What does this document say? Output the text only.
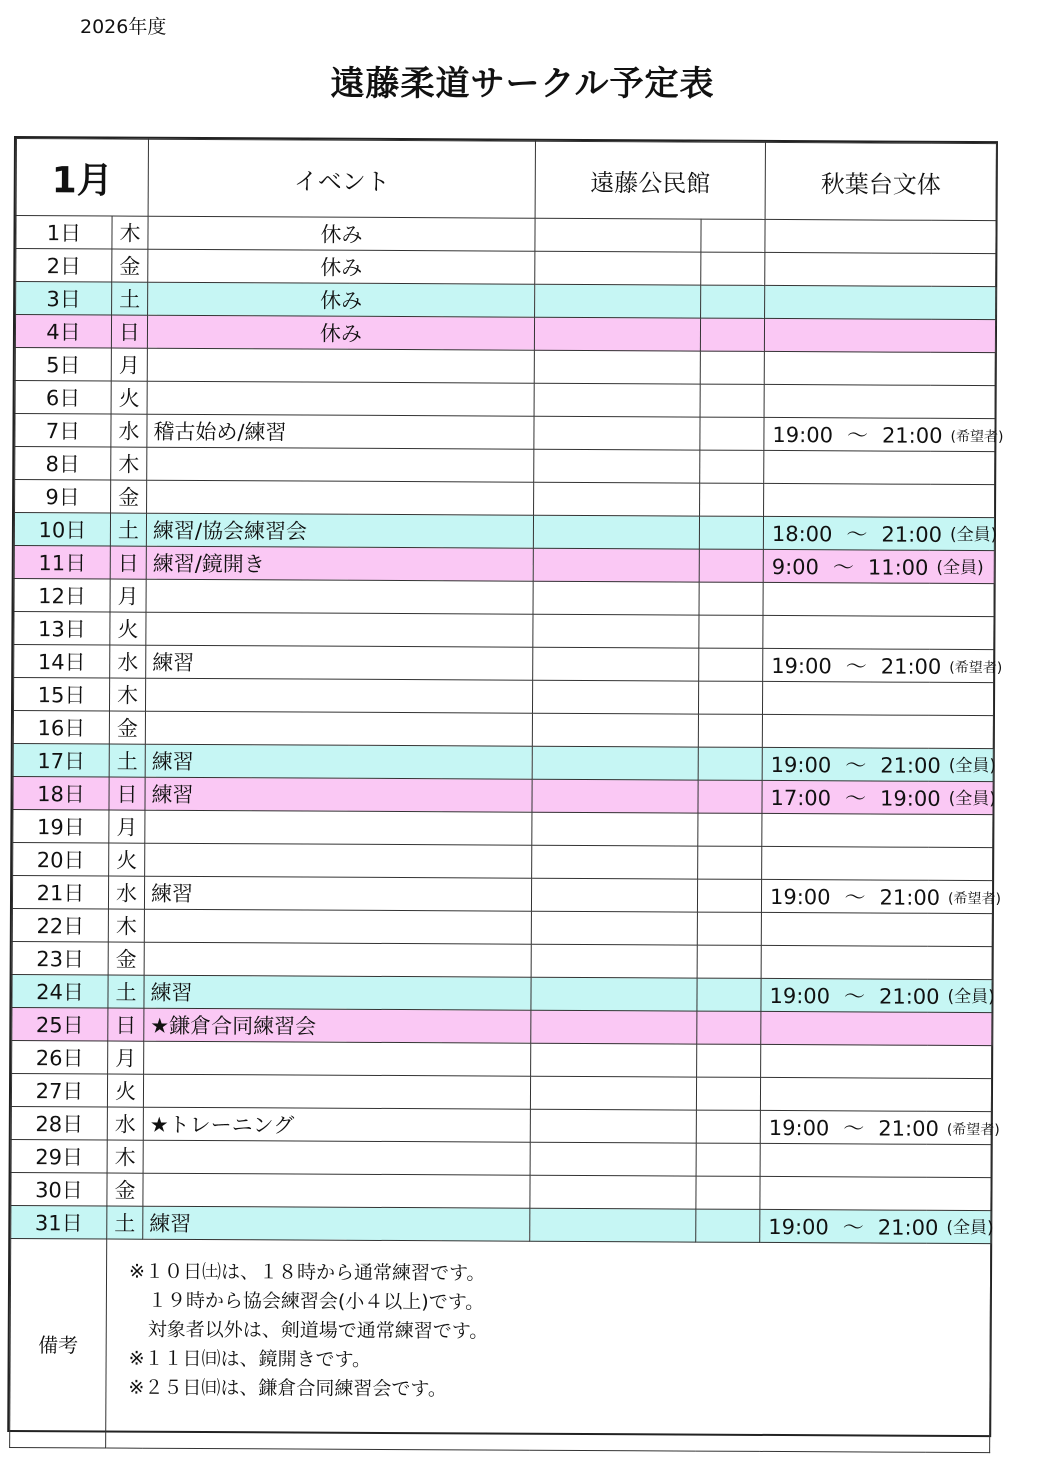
2026年度
遠藤柔道サークル予定表
1月		イベント	遠藤公民館		秋葉台文体
1日	木	休み			
2日	金	休み			
3日	土	休み			
4日	日	休み			
5日	月				
6日	火				
7日	水	稽古始め/練習			19:00 ～ 21:00 (希望者)
8日	木				
9日	金				
10日	土	練習/協会練習会			18:00 ～ 21:00 (全員)
11日	日	練習/鏡開き			9:00 ～ 11:00 (全員)
12日	月				
13日	火				
14日	水	練習			19:00 ～ 21:00 (希望者)
15日	木				
16日	金				
17日	土	練習			19:00 ～ 21:00 (全員)
18日	日	練習			17:00 ～ 19:00 (全員)
19日	月				
20日	火				
21日	水	練習			19:00 ～ 21:00 (希望者)
22日	木				
23日	金				
24日	土	練習			19:00 ～ 21:00 (全員)
25日	日	★鎌倉合同練習会			
26日	月				
27日	火				
28日	水	★トレーニング			19:00 ～ 21:00 (希望者)
29日	木				
30日	金				
31日	土	練習			19:00 ～ 21:00 (全員)
備考	※１０日㈯は、１８時から通常練習です。
　１９時から協会練習会(小４以上)です。
　対象者以外は、剣道場で通常練習です。
※１１日㈰は、鏡開きです。
※２５日㈰は、鎌倉合同練習会です。				
